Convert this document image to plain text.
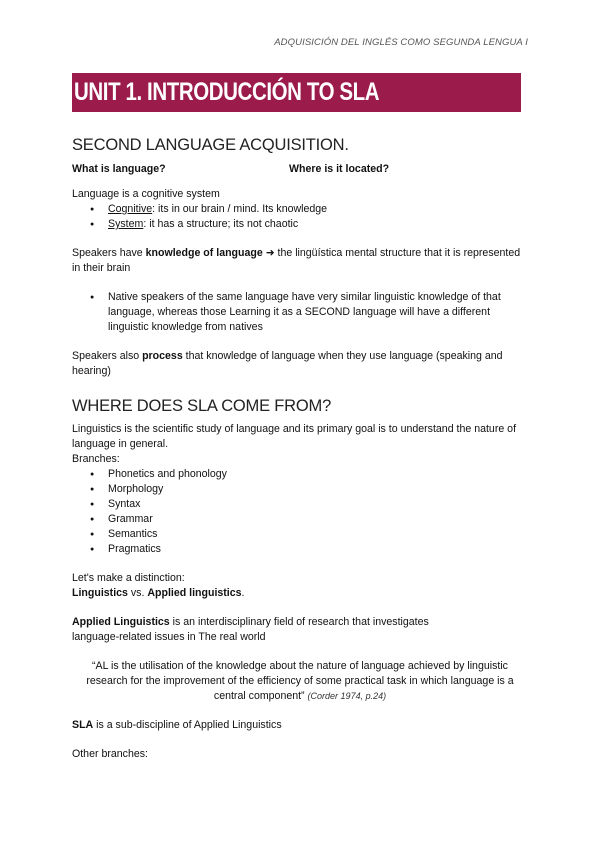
ADQUISICIÓN DEL INGLÉS COMO SEGUNDA LENGUA I
UNIT 1. INTRODUCCIÓN TO SLA
SECOND LANGUAGE ACQUISITION.
What is language?	Where is it located?

Language is a cognitive system

● Cognitive: its in our brain / mind. Its knowledge
● System: it has a structure; its not chaotic

Speakers have knowledge of language ➜ the lingüística mental structure that it is represented in their brain

● Native speakers of the same language have very similar linguistic knowledge of that language, whereas those Learning it as a SECOND language will have a different linguistic knowledge from natives

Speakers also process that knowledge of language when they use language (speaking and hearing)

WHERE DOES SLA COME FROM?

Linguistics is the scientific study of language and its primary goal is to understand the nature of language in general.

Branches:

● Phonetics and phonology
● Morphology
● Syntax
● Grammar
● Semantics
● Pragmatics

Let's make a distinction:

Linguistics vs. Applied linguistics.

Applied Linguistics is an interdisciplinary field of research that investigates language-related issues in The real world

“AL is the utilisation of the knowledge about the nature of language achieved by linguistic research for the improvement of the efficiency of some practical task in which language is a central component” (Corder 1974, p.24)

SLA is a sub-discipline of Applied Linguistics

Other branches:
